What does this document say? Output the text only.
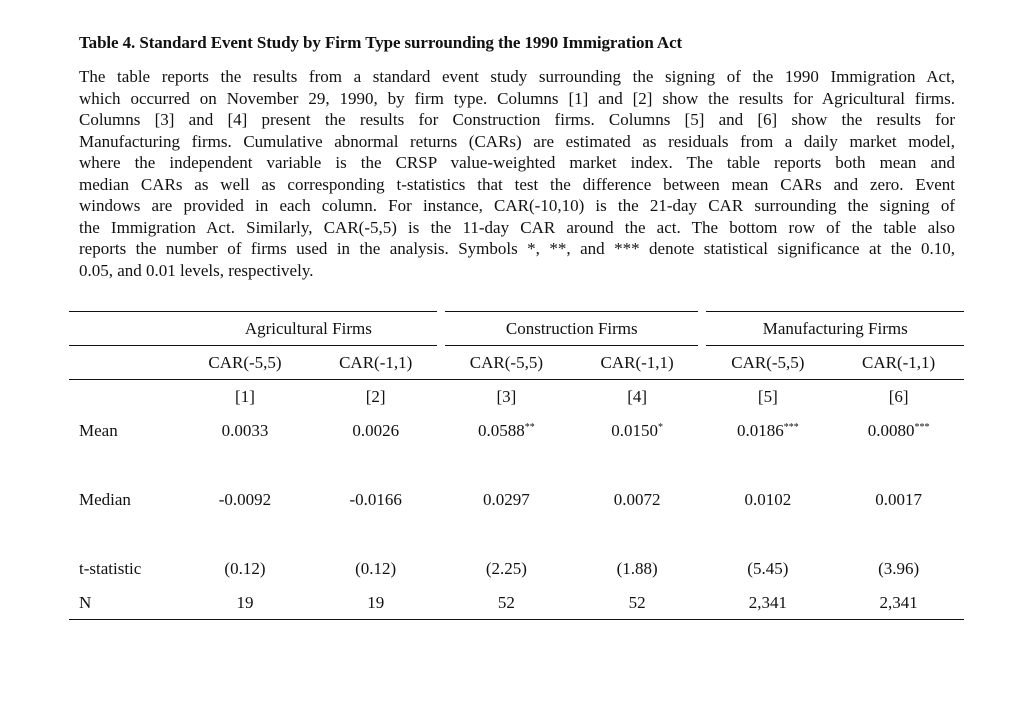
Table 4. Standard Event Study by Firm Type surrounding the 1990 Immigration Act
The table reports the results from a standard event study surrounding the signing of the 1990 Immigration Act,
which occurred on November 29, 1990, by firm type. Columns [1] and [2] show the results for Agricultural firms.
Columns [3] and [4] present the results for Construction firms. Columns [5] and [6] show the results for
Manufacturing firms. Cumulative abnormal returns (CARs) are estimated as residuals from a daily market model,
where the independent variable is the CRSP value-weighted market index. The table reports both mean and
median CARs as well as corresponding t-statistics that test the difference between mean CARs and zero. Event
windows are provided in each column. For instance, CAR(-10,10) is the 21-day CAR surrounding the signing of
the Immigration Act. Similarly, CAR(-5,5) is the 11-day CAR around the act. The bottom row of the table also
reports the number of firms used in the analysis. Symbols *, **, and *** denote statistical significance at the 0.10,
0.05, and 0.01 levels, respectively.
	Agricultural Firms		Construction Firms		Manufacturing Firms	
	CAR(-5,5)	CAR(-1,1)	CAR(-5,5)	CAR(-1,1)	CAR(-5,5)	CAR(-1,1)
	[1]	[2]	[3]	[4]	[5]	[6]
Mean	0.0033	0.0026	0.0588**	0.0150*	0.0186***	0.0080***

Median	-0.0092	-0.0166	0.0297	0.0072	0.0102	0.0017

t-statistic	(0.12)	(0.12)	(2.25)	(1.88)	(5.45)	(3.96)
N	19	19	52	52	2,341	2,341
